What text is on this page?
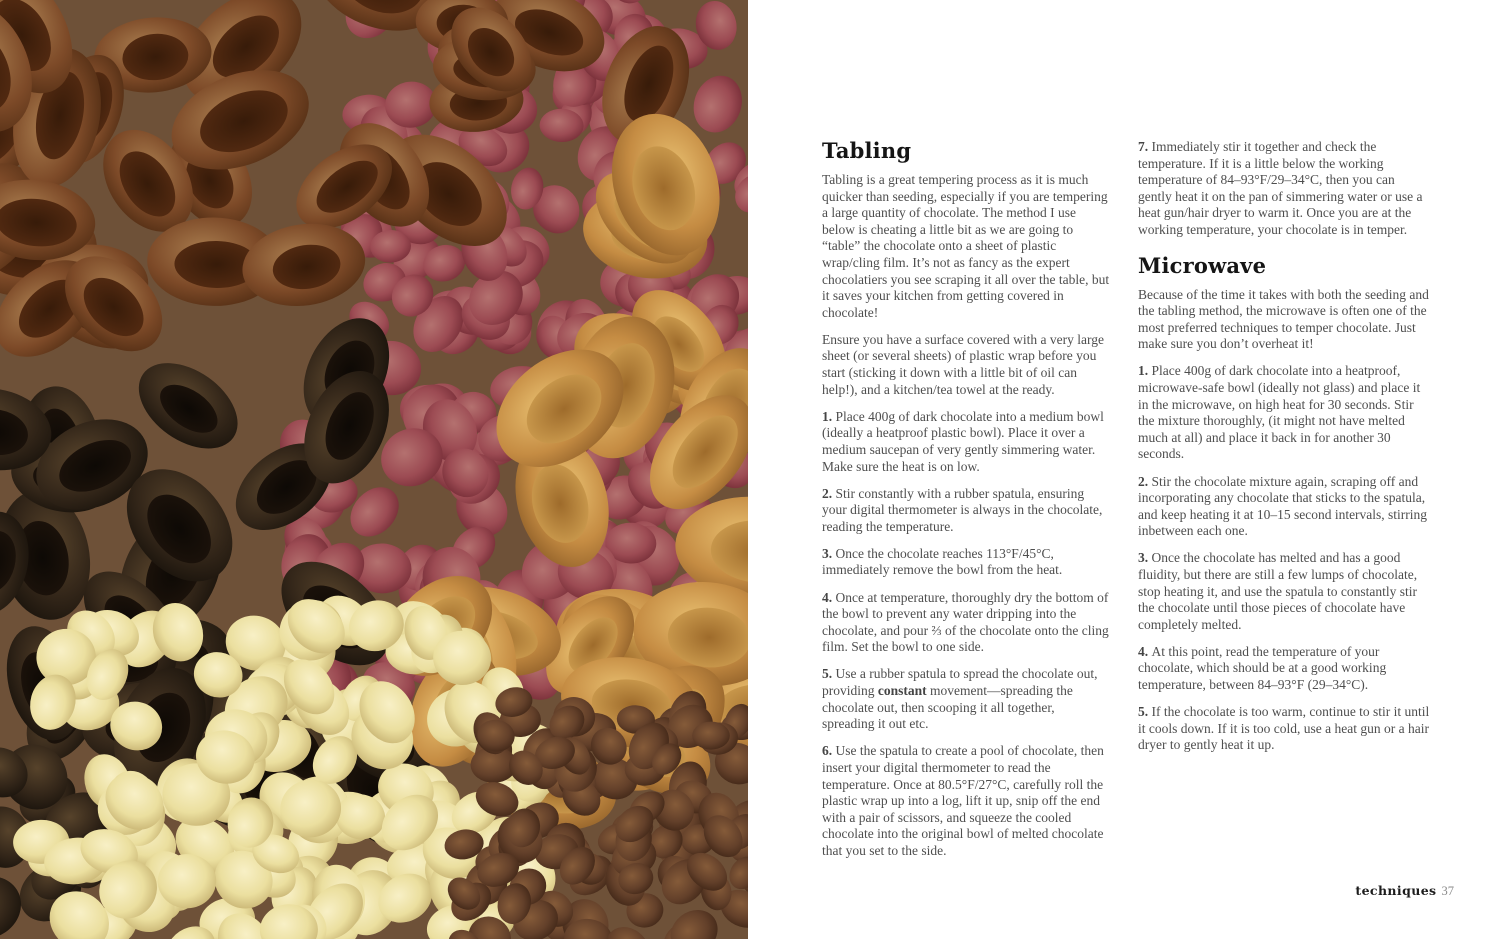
Tabling

Tabling is a great tempering process as it is much quicker than seeding, especially if you are tempering a large quantity of chocolate. The method I use below is cheating a little bit as we are going to “table” the chocolate onto a sheet of plastic wrap/cling film. It’s not as fancy as the expert chocolatiers you see scraping it all over the table, but it saves your kitchen from getting covered in chocolate!

Ensure you have a surface covered with a very large sheet (or several sheets) of plastic wrap before you start (sticking it down with a little bit of oil can help!), and a kitchen/tea towel at the ready.

1. Place 400g of dark chocolate into a medium bowl (ideally a heatproof plastic bowl). Place it over a medium saucepan of very gently simmering water. Make sure the heat is on low.

2. Stir constantly with a rubber spatula, ensuring your digital thermometer is always in the chocolate, reading the temperature.

3. Once the chocolate reaches 113°F/45°C, immediately remove the bowl from the heat.

4. Once at temperature, thoroughly dry the bottom of the bowl to prevent any water dripping into the chocolate, and pour ⅔ of the chocolate onto the cling film. Set the bowl to one side.

5. Use a rubber spatula to spread the chocolate out, providing constant movement—spreading the chocolate out, then scooping it all together, spreading it out etc.

6. Use the spatula to create a pool of chocolate, then insert your digital thermometer to read the temperature. Once at 80.5°F/27°C, carefully roll the plastic wrap up into a log, lift it up, snip off the end with a pair of scissors, and squeeze the cooled chocolate into the original bowl of melted chocolate that you set to the side.

7. Immediately stir it together and check the temperature. If it is a little below the working temperature of 84–93°F/29–34°C, then you can gently heat it on the pan of simmering water or use a heat gun/hair dryer to warm it. Once you are at the working temperature, your chocolate is in temper.

Microwave

Because of the time it takes with both the seeding and the tabling method, the microwave is often one of the most preferred techniques to temper chocolate. Just make sure you don’t overheat it!

1. Place 400g of dark chocolate into a heatproof, microwave-safe bowl (ideally not glass) and place it in the microwave, on high heat for 30 seconds. Stir the mixture thoroughly, (it might not have melted much at all) and place it back in for another 30 seconds.

2. Stir the chocolate mixture again, scraping off and incorporating any chocolate that sticks to the spatula, and keep heating it at 10–15 second intervals, stirring inbetween each one.

3. Once the chocolate has melted and has a good fluidity, but there are still a few lumps of chocolate, stop heating it, and use the spatula to constantly stir the chocolate until those pieces of chocolate have completely melted.

4. At this point, read the temperature of your chocolate, which should be at a good working temperature, between 84–93°F (29–34°C).

5. If the chocolate is too warm, continue to stir it until it cools down. If it is too cold, use a heat gun or a hair dryer to gently heat it up.

techniques 37
